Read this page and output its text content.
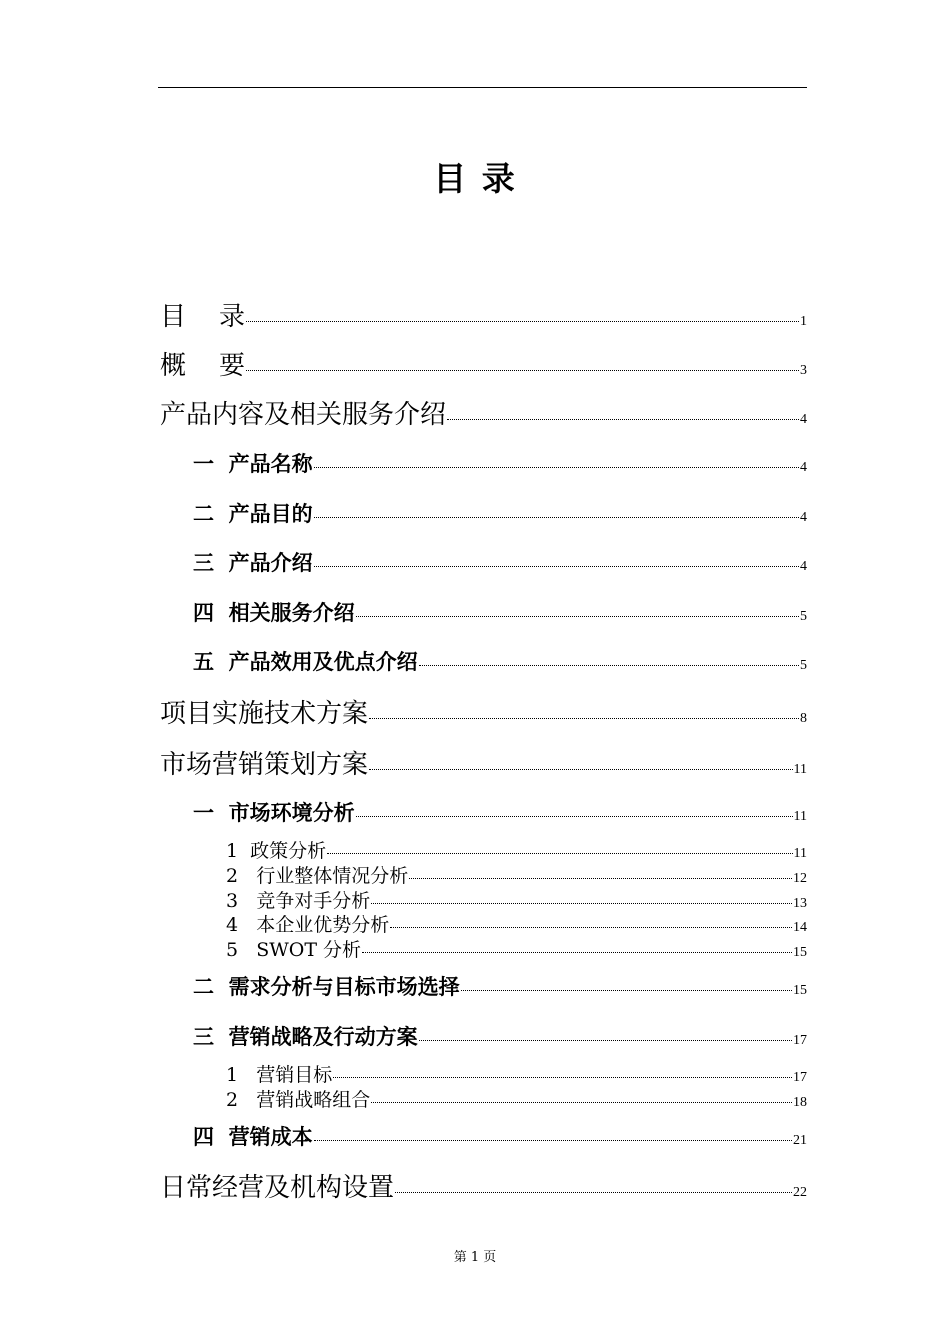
目 录
目    录	1
概    要	3
产品内容及相关服务介绍	4
一  产品名称	4
二  产品目的	4
三  产品介绍	4
四  相关服务介绍	5
五  产品效用及优点介绍	5
项目实施技术方案	8
市场营销策划方案	11
一  市场环境分析	11
1  政策分析	11
2   行业整体情况分析	12
3   竞争对手分析	13
4   本企业优势分析	14
5   SWOT 分析	15
二  需求分析与目标市场选择	15
三  营销战略及行动方案	17
1   营销目标	17
2   营销战略组合	18
四  营销成本	21
日常经营及机构设置	22
第 1 页
